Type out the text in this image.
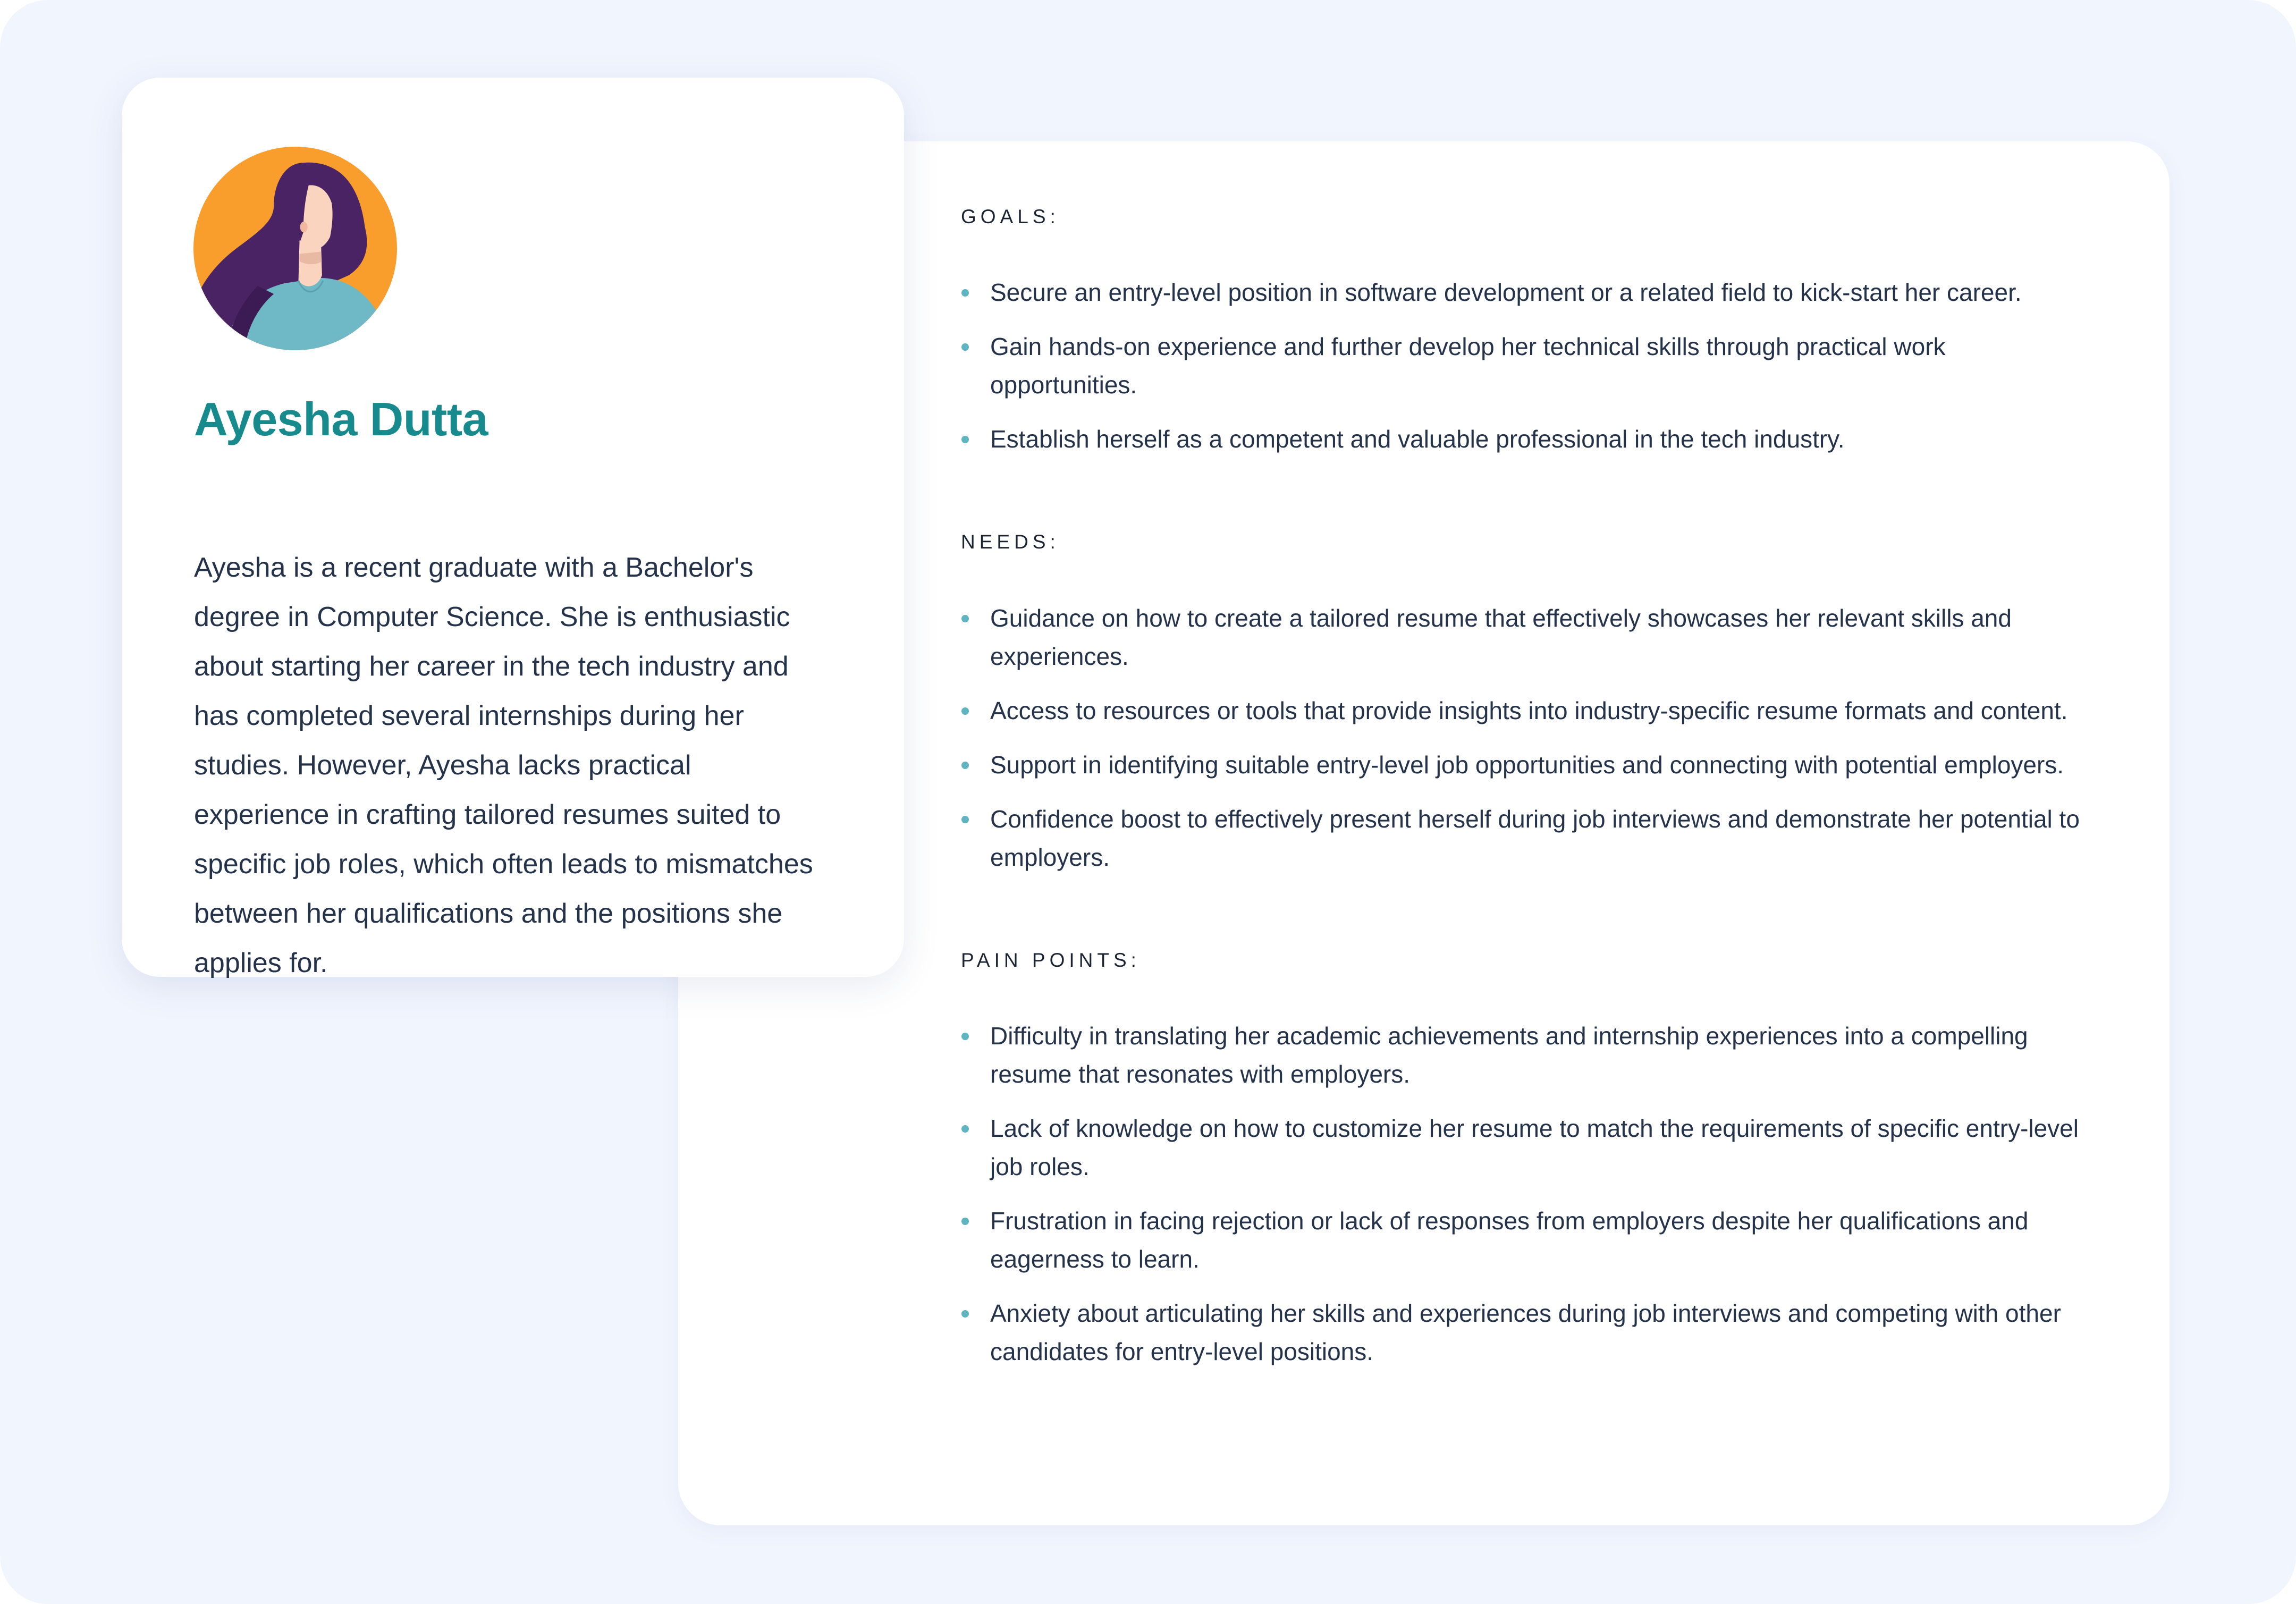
GOALS:
Secure an entry-level position in software development or a related field to kick-start her career.
Gain hands-on experience and further develop her technical skills through practical work opportunities.
Establish herself as a competent and valuable professional in the tech industry.
NEEDS:
Guidance on how to create a tailored resume that effectively showcases her relevant skills and experiences.
Access to resources or tools that provide insights into industry-specific resume formats and content.
Support in identifying suitable entry-level job opportunities and connecting with potential employers.
Confidence boost to effectively present herself during job interviews and demonstrate her potential to employers.
PAIN POINTS:
Difficulty in translating her academic achievements and internship experiences into a compelling resume that resonates with employers.
Lack of knowledge on how to customize her resume to match the requirements of specific entry-level job roles.
Frustration in facing rejection or lack of responses from employers despite her qualifications and eagerness to learn.
Anxiety about articulating her skills and experiences during job interviews and competing with other candidates for entry-level positions.
Ayesha Dutta

Ayesha is a recent graduate with a Bachelor's degree in Computer Science. She is enthusiastic about starting her career in the tech industry and has completed several internships during her studies. However, Ayesha lacks practical experience in crafting tailored resumes suited to specific job roles, which often leads to mismatches between her qualifications and the positions she applies for.
